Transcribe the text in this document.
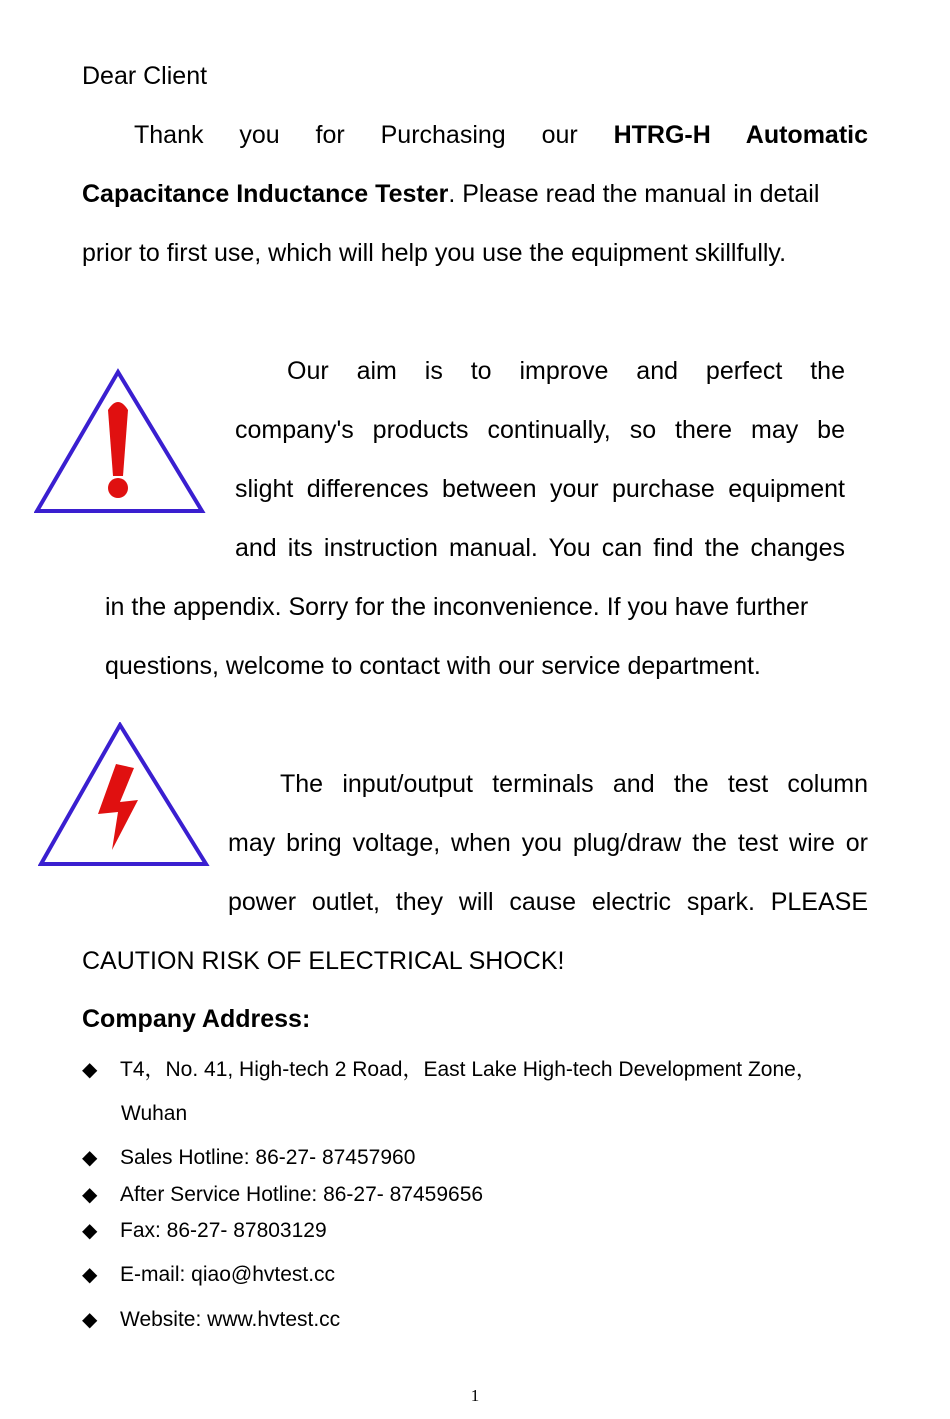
Dear Client
Thank you for Purchasing our HTRG-H Automatic
Capacitance Inductance Tester. Please read the manual in detail
prior to first use, which will help you use the equipment skillfully.
Our aim is to improve and perfect the
company's products continually, so there may be
slight differences between your purchase equipment
and its instruction manual. You can find the changes
in the appendix. Sorry for the inconvenience. If you have further
questions, welcome to contact with our service department.
The input/output terminals and the test column
may bring voltage, when you plug/draw the test wire or
power outlet, they will cause electric spark. PLEASE
CAUTION RISK OF ELECTRICAL SHOCK!
Company Address:
◆ T4，No. 41, High-tech 2 Road，East Lake High-tech Development Zone，
Wuhan
◆ Sales Hotline: 86-27- 87457960
◆ After Service Hotline: 86-27- 87459656
◆ Fax: 86-27- 87803129
◆ E-mail: qiao@hvtest.cc
◆ Website: www.hvtest.cc
1
